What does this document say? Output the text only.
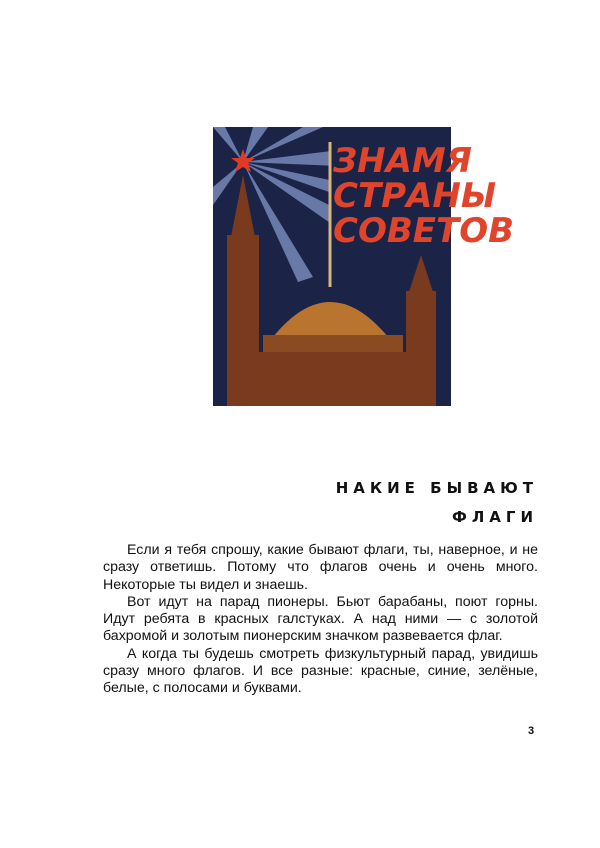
ЗНАМЯ
СТРАНЫ
СОВЕТОВ
НАКИЕ БЫВАЮТ
ФЛАГИ

Если я тебя спрошу, какие бывают флаги, ты, наверное, и не сразу ответишь. Потому что флагов очень и очень много. Некоторые ты видел и знаешь.

Вот идут на парад пионеры. Бьют барабаны, поют горны. Идут ребята в красных галстуках. А над ними — с золотой бахромой и золотым пионерским значком развевается флаг.

А когда ты будешь смотреть физкультурный парад, увидишь сразу много флагов. И все разные: красные, синие, зелёные, белые, с полосами и буквами.

3
